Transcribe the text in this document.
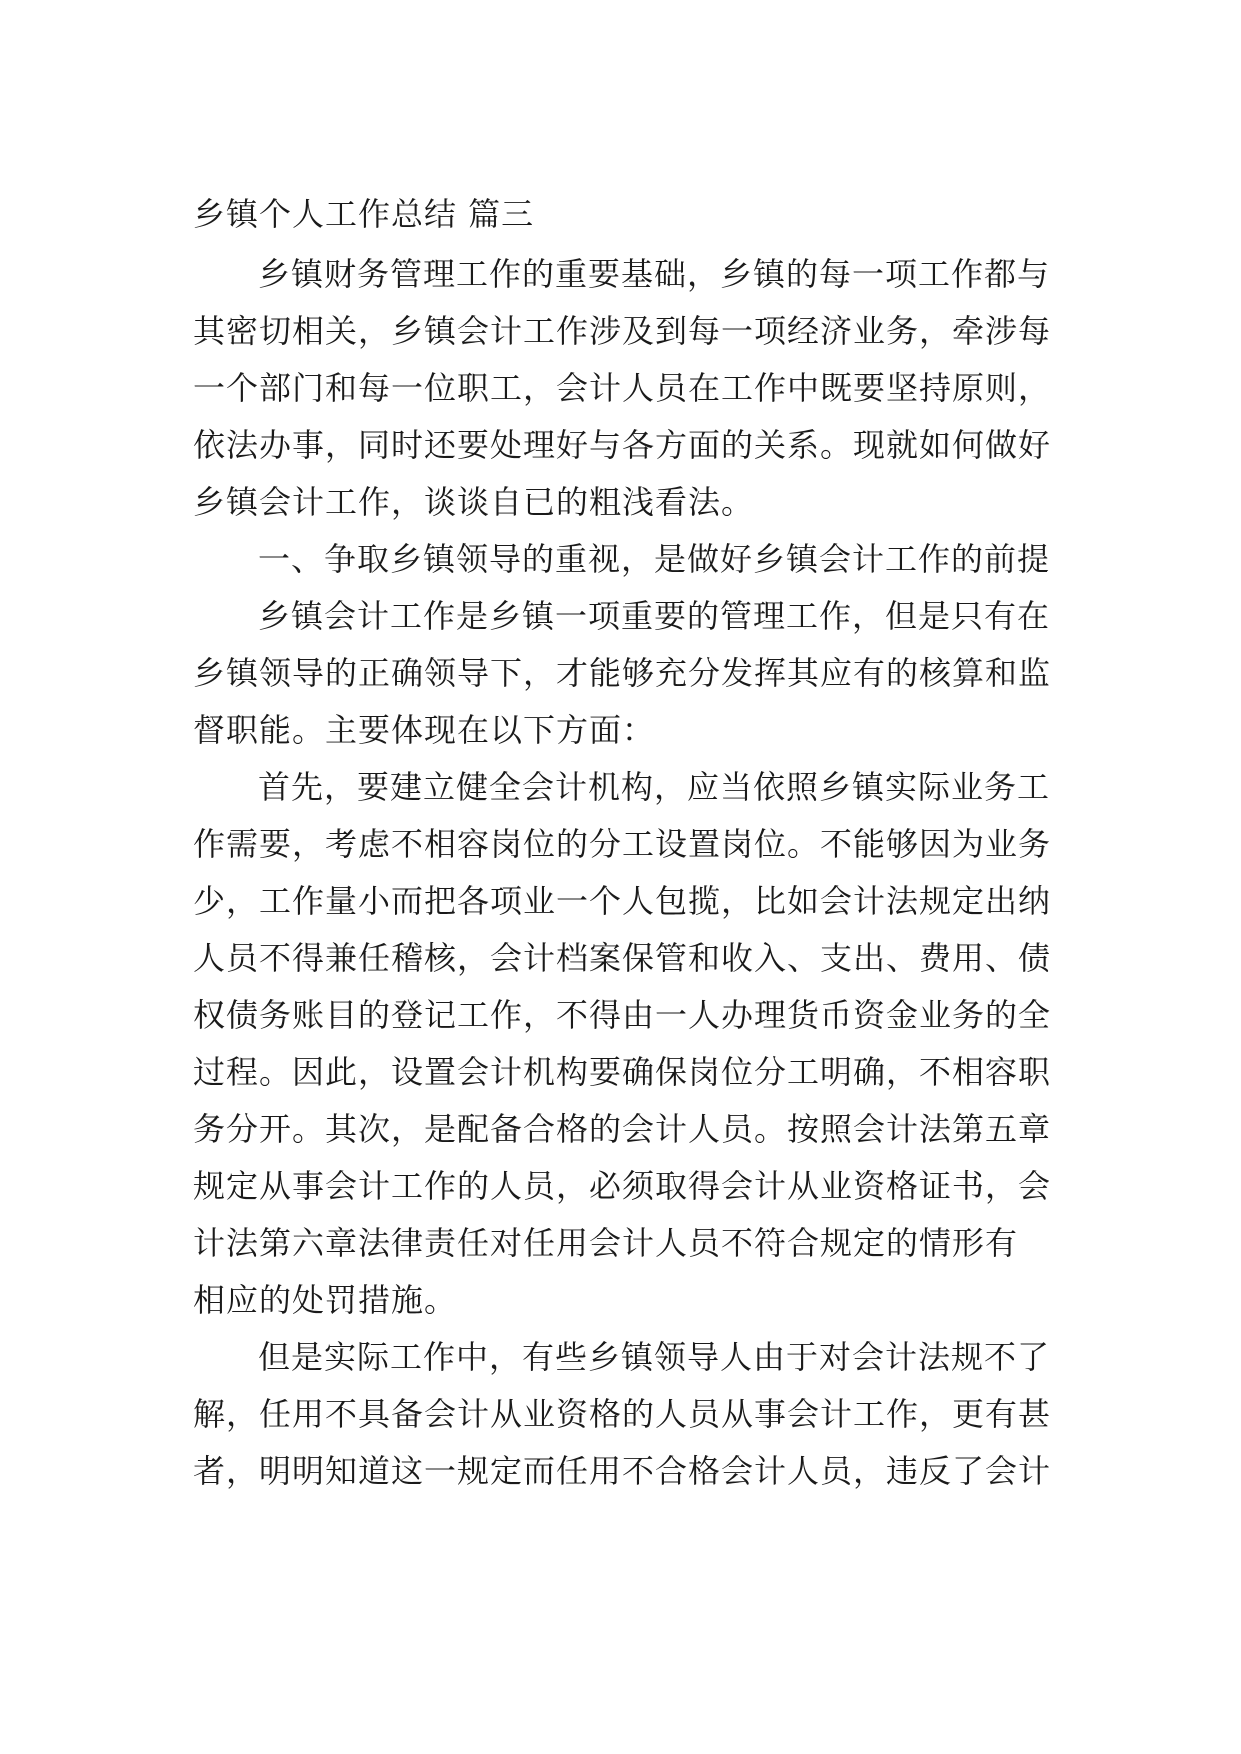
乡镇个人工作总结 篇三
乡镇财务管理工作的重要基础，乡镇的每一项工作都与
其密切相关，乡镇会计工作涉及到每一项经济业务，牵涉每
一个部门和每一位职工，会计人员在工作中既要坚持原则，
依法办事，同时还要处理好与各方面的关系。现就如何做好
乡镇会计工作，谈谈自已的粗浅看法。
一、争取乡镇领导的重视，是做好乡镇会计工作的前提
乡镇会计工作是乡镇一项重要的管理工作，但是只有在
乡镇领导的正确领导下，才能够充分发挥其应有的核算和监
督职能。主要体现在以下方面：
首先，要建立健全会计机构，应当依照乡镇实际业务工
作需要，考虑不相容岗位的分工设置岗位。不能够因为业务
少，工作量小而把各项业一个人包揽，比如会计法规定出纳
人员不得兼任稽核，会计档案保管和收入、支出、费用、债
权债务账目的登记工作，不得由一人办理货币资金业务的全
过程。因此，设置会计机构要确保岗位分工明确，不相容职
务分开。其次，是配备合格的会计人员。按照会计法第五章
规定从事会计工作的人员，必须取得会计从业资格证书，会
计法第六章法律责任对任用会计人员不符合规定的情形有
相应的处罚措施。
但是实际工作中，有些乡镇领导人由于对会计法规不了
解，任用不具备会计从业资格的人员从事会计工作，更有甚
者，明明知道这一规定而任用不合格会计人员，违反了会计
